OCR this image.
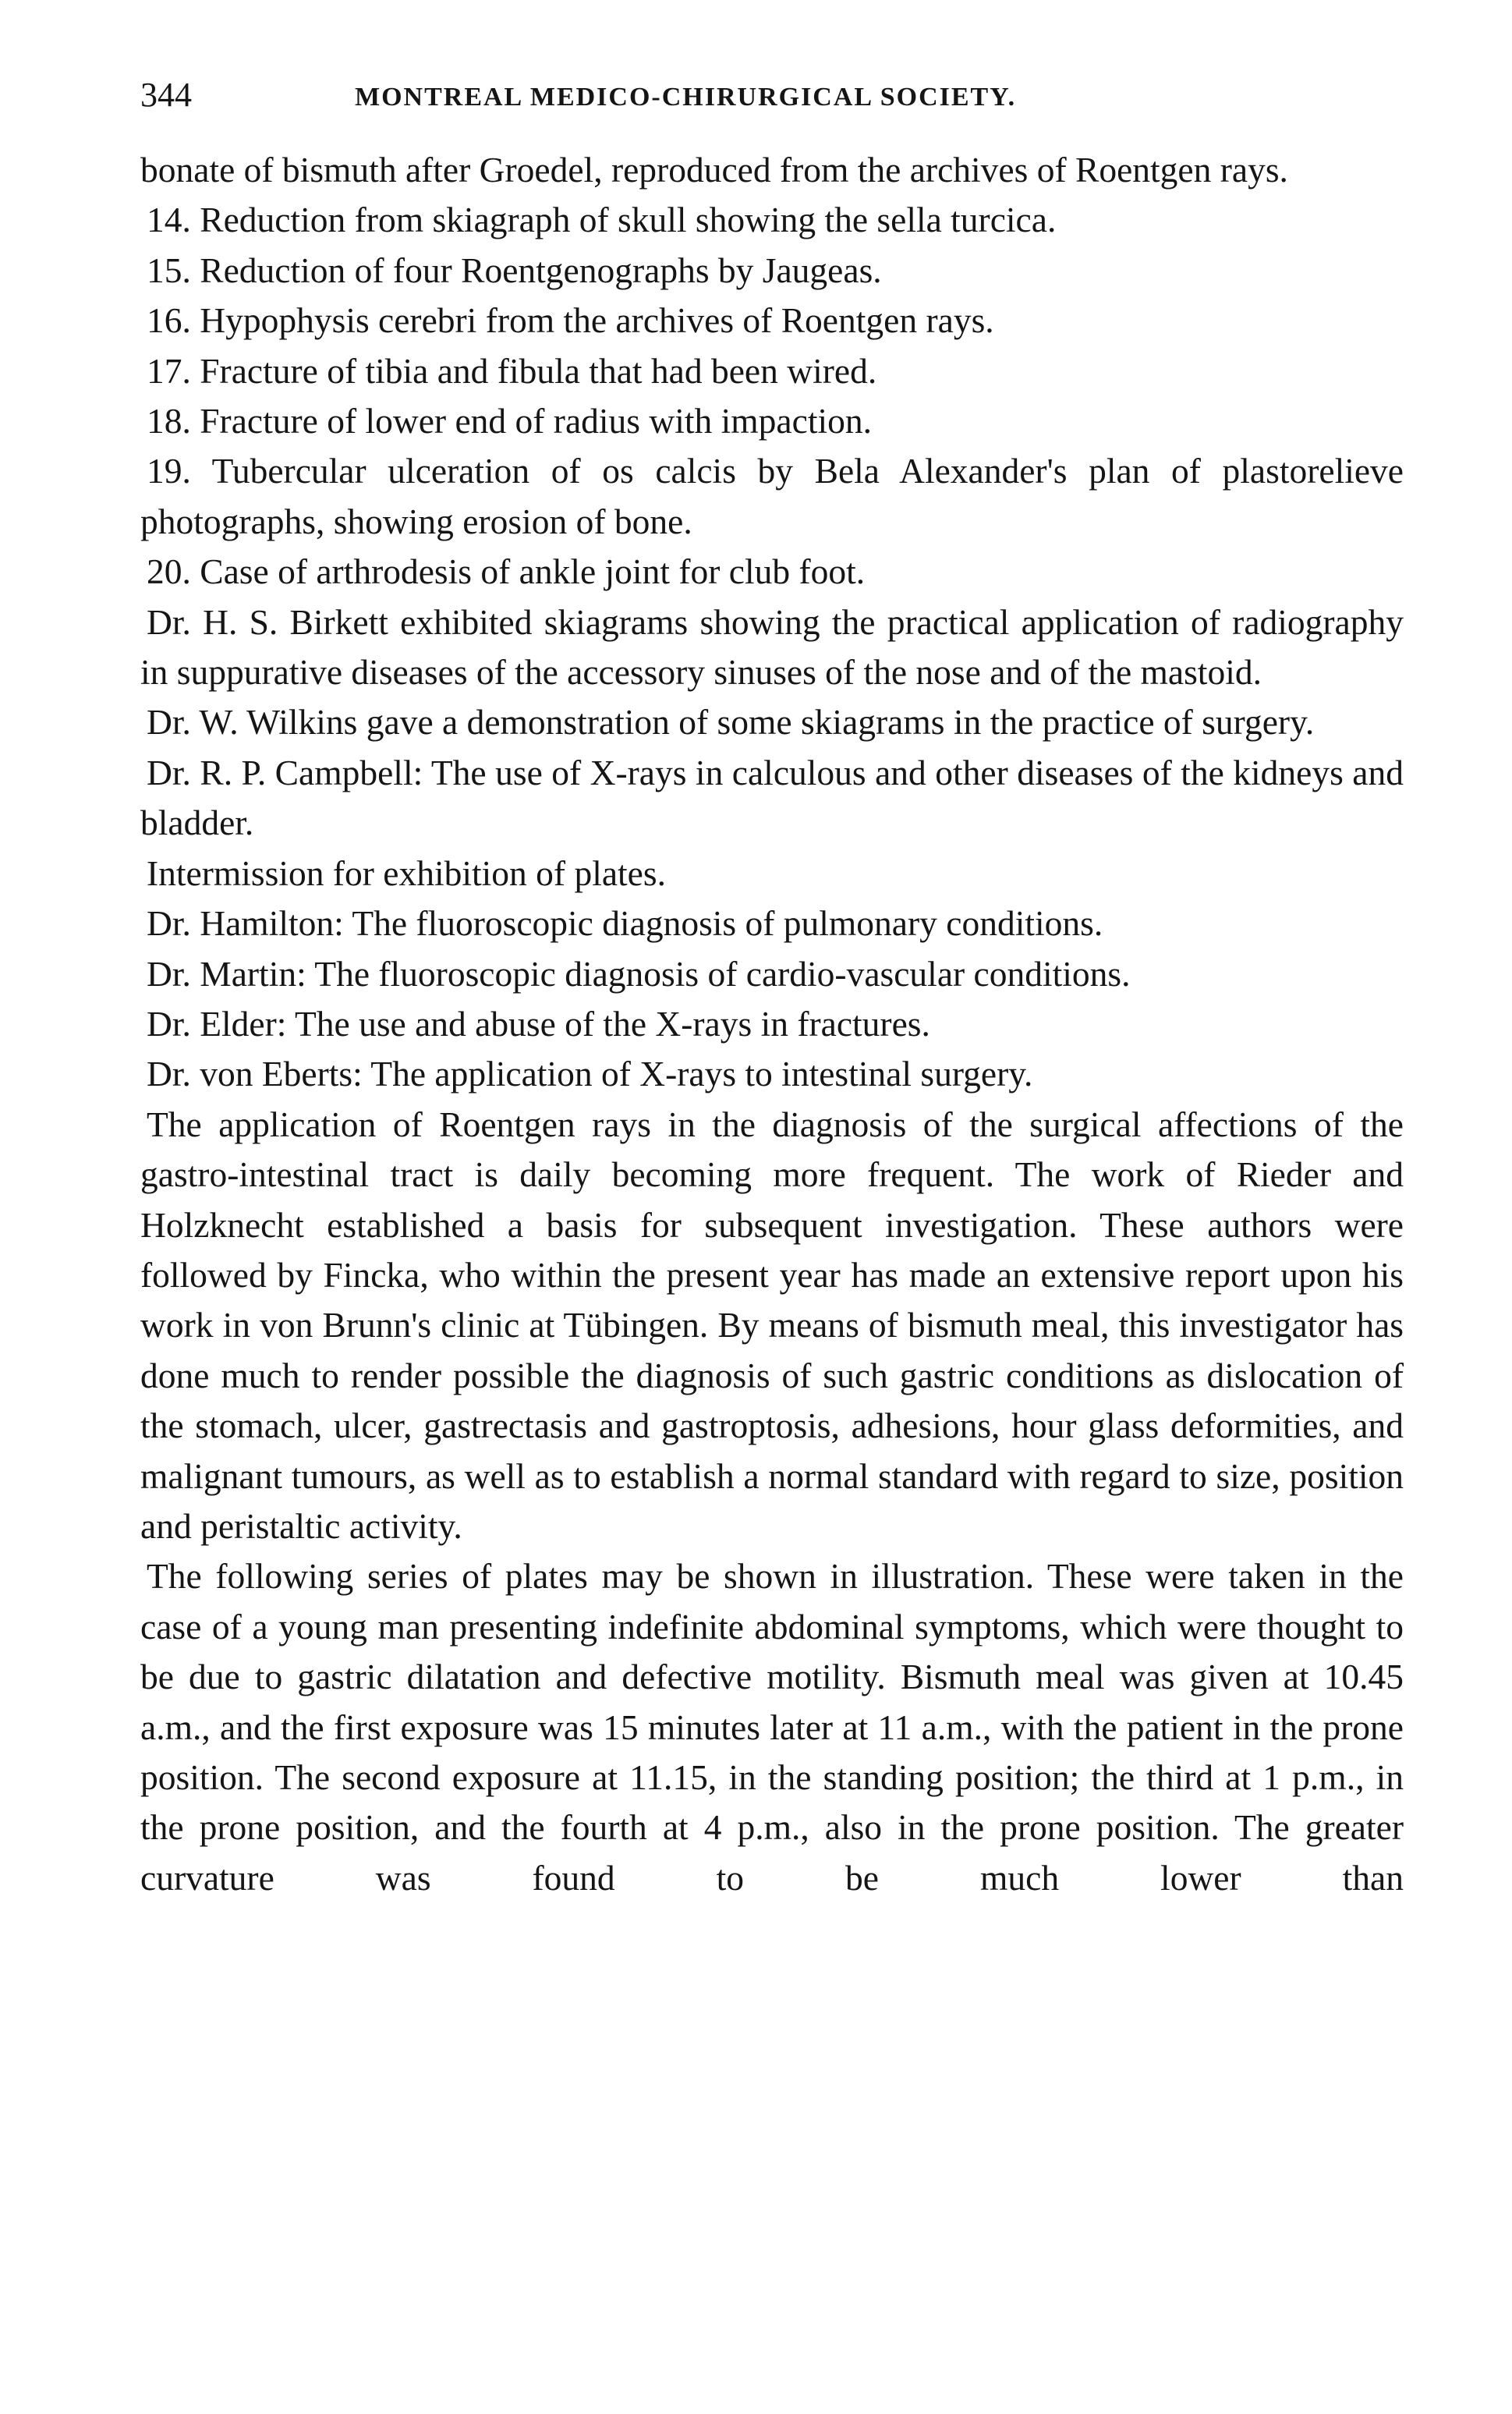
344	MONTREAL MEDICO-CHIRURGICAL SOCIETY.

bonate of bismuth after Groedel, reproduced from the archives of Roentgen rays.

14. Reduction from skiagraph of skull showing the sella turcica.

15. Reduction of four Roentgenographs by Jaugeas.

16. Hypophysis cerebri from the archives of Roentgen rays.

17. Fracture of tibia and fibula that had been wired.

18. Fracture of lower end of radius with impaction.

19. Tubercular ulceration of os calcis by Bela Alexander's plan of plastorelieve photographs, showing erosion of bone.

20. Case of arthrodesis of ankle joint for club foot.

Dr. H. S. Birkett exhibited skiagrams showing the practical application of radiography in suppurative diseases of the accessory sinuses of the nose and of the mastoid.

Dr. W. Wilkins gave a demonstration of some skiagrams in the practice of surgery.

Dr. R. P. Campbell: The use of X-rays in calculous and other diseases of the kidneys and bladder.

Intermission for exhibition of plates.

Dr. Hamilton: The fluoroscopic diagnosis of pulmonary conditions.

Dr. Martin: The fluoroscopic diagnosis of cardio-vascular conditions.

Dr. Elder: The use and abuse of the X-rays in fractures.

Dr. von Eberts: The application of X-rays to intestinal surgery.

The application of Roentgen rays in the diagnosis of the surgical affections of the gastro-intestinal tract is daily becoming more frequent. The work of Rieder and Holzknecht established a basis for subsequent investigation. These authors were followed by Fincka, who within the present year has made an extensive report upon his work in von Brunn's clinic at Tübingen. By means of bismuth meal, this investigator has done much to render possible the diagnosis of such gastric conditions as dislocation of the stomach, ulcer, gastrectasis and gastroptosis, adhesions, hour glass deformities, and malignant tumours, as well as to establish a normal standard with regard to size, position and peristaltic activity.

The following series of plates may be shown in illustration. These were taken in the case of a young man presenting indefinite abdominal symptoms, which were thought to be due to gastric dilatation and defective motility. Bismuth meal was given at 10.45 a.m., and the first exposure was 15 minutes later at 11 a.m., with the patient in the prone position. The second exposure at 11.15, in the standing position; the third at 1 p.m., in the prone position, and the fourth at 4 p.m., also in the prone position. The greater curvature was found to be much lower than
